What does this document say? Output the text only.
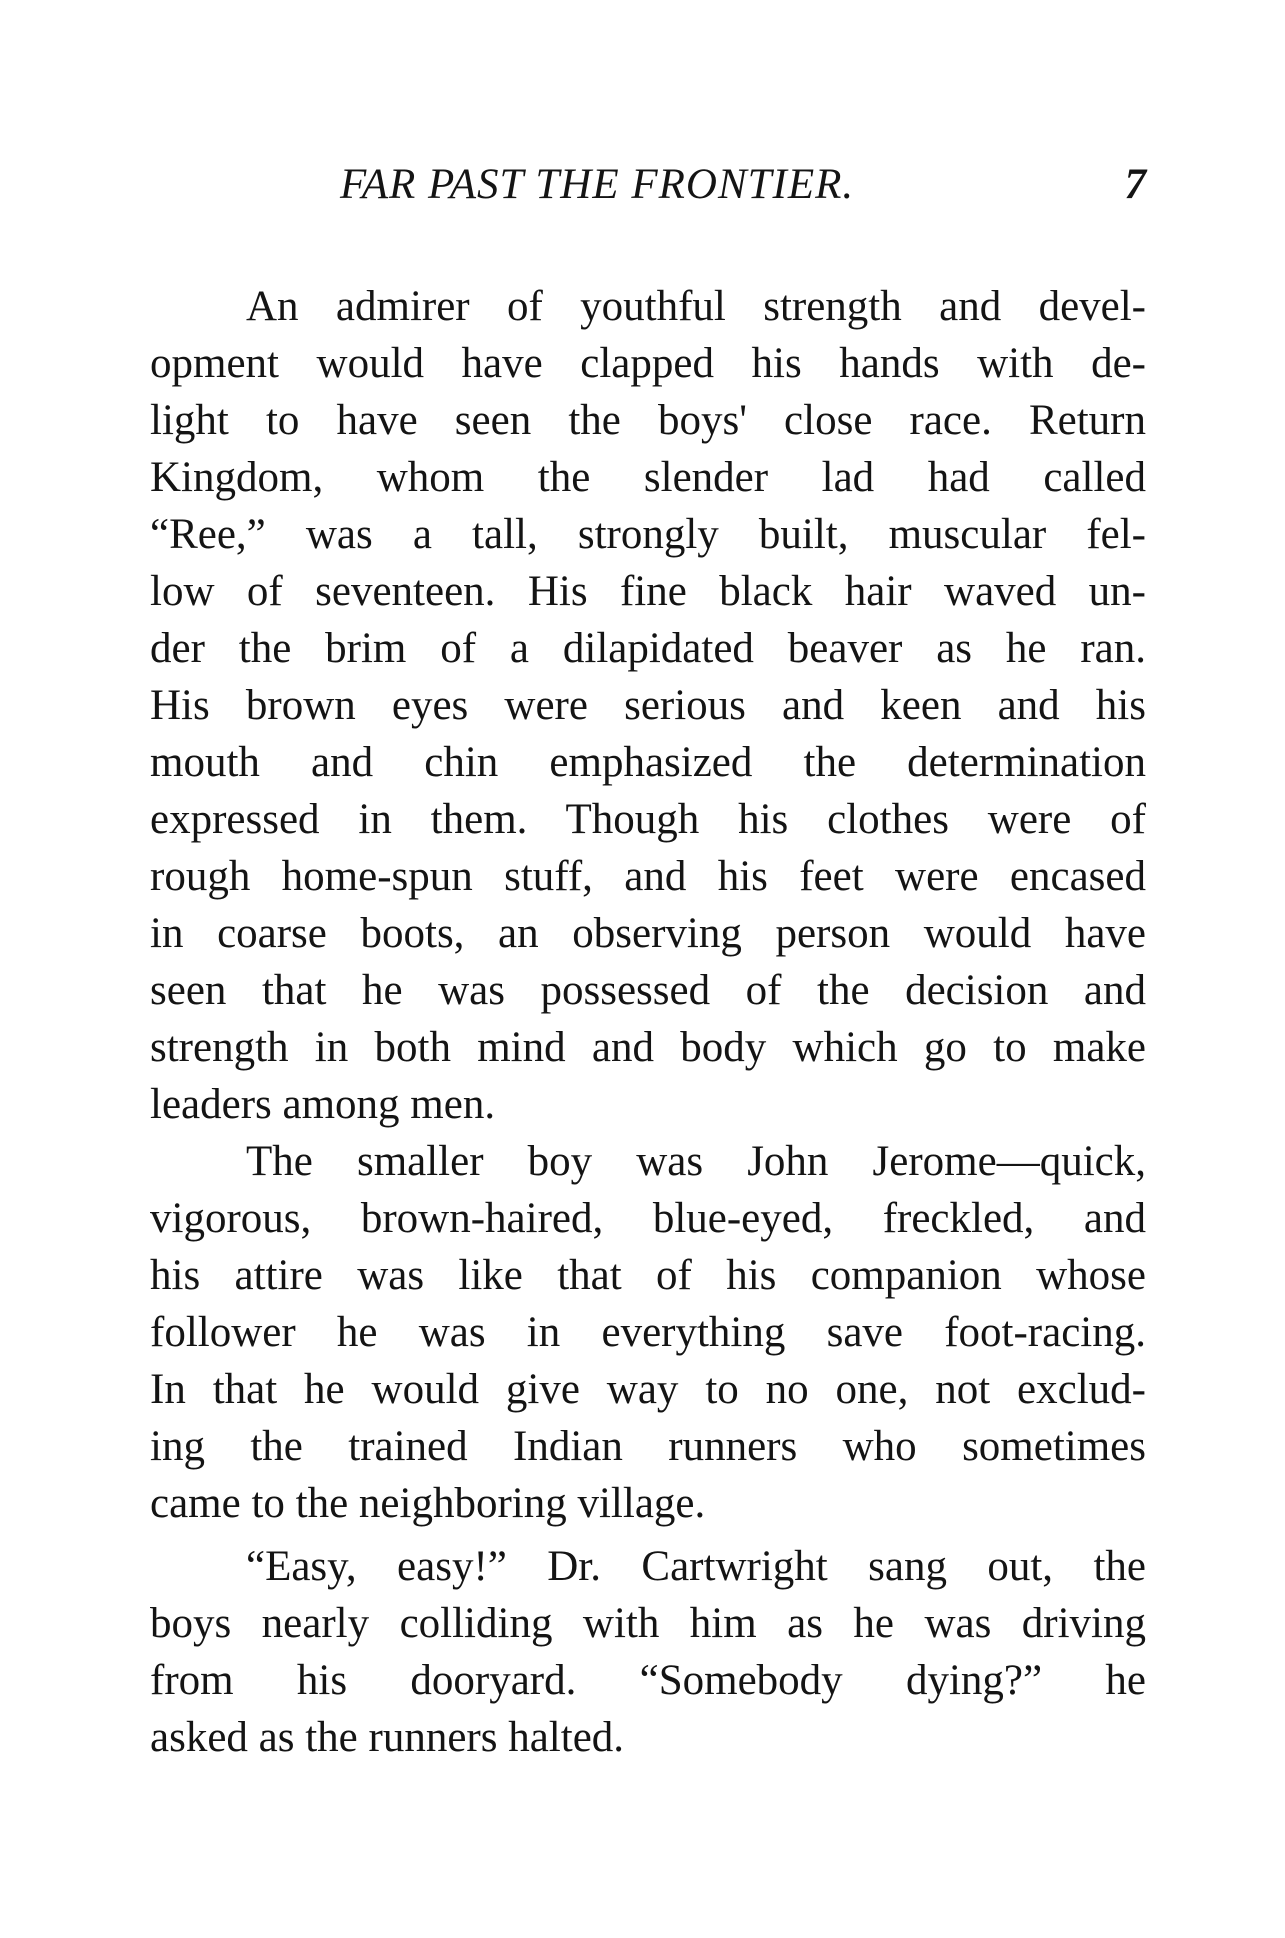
FAR PAST THE FRONTIER.	7
An admirer of youthful strength and devel-
opment would have clapped his hands with de-
light to have seen the boys' close race. Return
Kingdom, whom the slender lad had called
“Ree,” was a tall, strongly built, muscular fel-
low of seventeen. His fine black hair waved un-
der the brim of a dilapidated beaver as he ran.
His brown eyes were serious and keen and his
mouth and chin emphasized the determination
expressed in them. Though his clothes were of
rough home-spun stuff, and his feet were encased
in coarse boots, an observing person would have
seen that he was possessed of the decision and
strength in both mind and body which go to make
leaders among men.
The smaller boy was John Jerome—quick,
vigorous, brown-haired, blue-eyed, freckled, and
his attire was like that of his companion whose
follower he was in everything save foot-racing.
In that he would give way to no one, not exclud-
ing the trained Indian runners who sometimes
came to the neighboring village.
“Easy, easy!” Dr. Cartwright sang out, the
boys nearly colliding with him as he was driving
from his dooryard. “Somebody dying?” he
asked as the runners halted.
